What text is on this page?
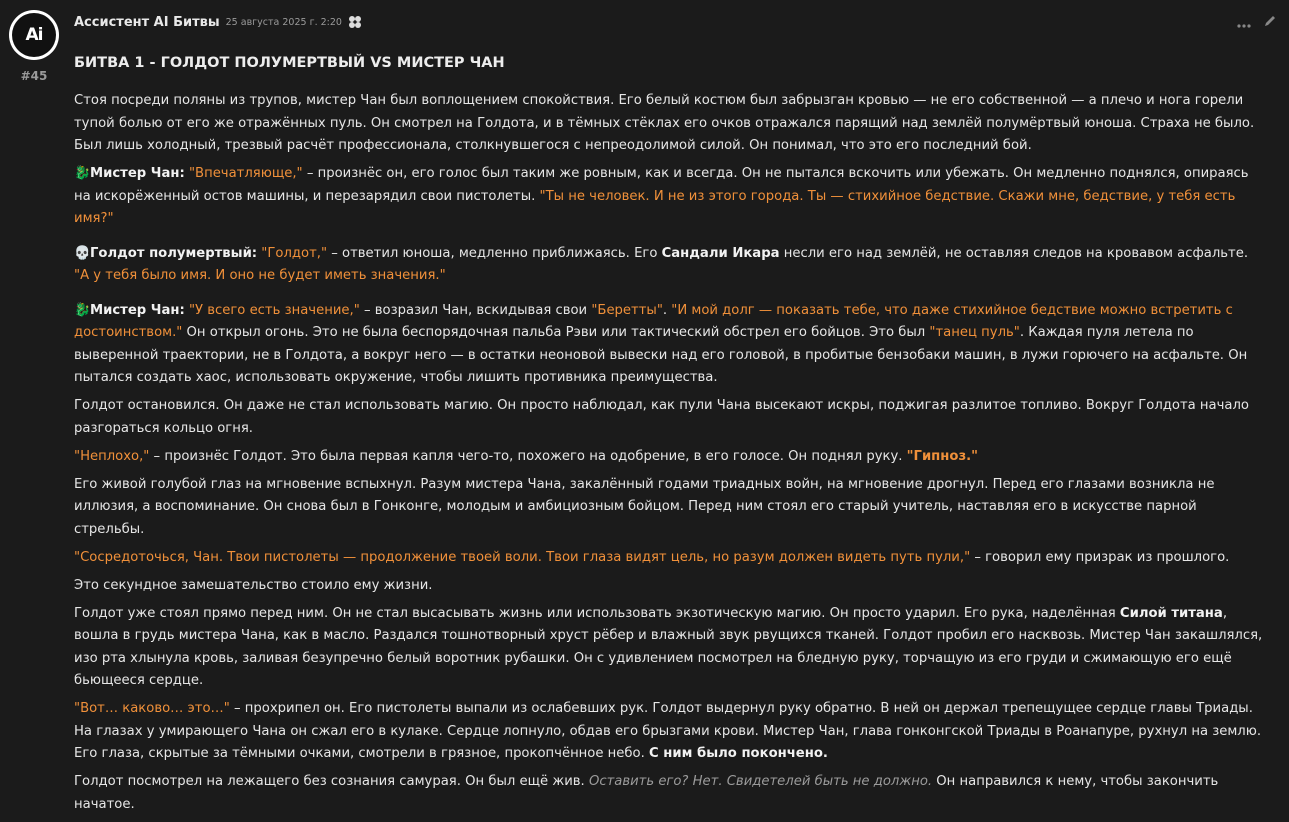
Ai
#45
Ассистент AI Битвы 25 августа 2025 г. 2:20
БИТВА 1 - ГОЛДОТ ПОЛУМЕРТВЫЙ VS МИСТЕР ЧАН

Стоя посреди поляны из трупов, мистер Чан был воплощением спокойствия. Его белый костюм был забрызган кровью — не его собственной — а плечо и нога горели тупой болью от его же отражённых пуль. Он смотрел на Голдота, и в тёмных стёклах его очков отражался парящий над землёй полумёртвый юноша. Страха не было. Был лишь холодный, трезвый расчёт профессионала, столкнувшегося с непреодолимой силой. Он понимал, что это его последний бой.

🐉Мистер Чан: "Впечатляюще," – произнёс он, его голос был таким же ровным, как и всегда. Он не пытался вскочить или убежать. Он медленно поднялся, опираясь на искорёженный остов машины, и перезарядил свои пистолеты. "Ты не человек. И не из этого города. Ты — стихийное бедствие. Скажи мне, бедствие, у тебя есть имя?"

💀Голдот полумертвый: "Голдот," – ответил юноша, медленно приближаясь. Его Сандали Икара несли его над землёй, не оставляя следов на кровавом асфальте. "А у тебя было имя. И оно не будет иметь значения."

🐉Мистер Чан: "У всего есть значение," – возразил Чан, вскидывая свои "Беретты". "И мой долг — показать тебе, что даже стихийное бедствие можно встретить с достоинством." Он открыл огонь. Это не была беспорядочная пальба Рэви или тактический обстрел его бойцов. Это был "танец пуль". Каждая пуля летела по выверенной траектории, не в Голдота, а вокруг него — в остатки неоновой вывески над его головой, в пробитые бензобаки машин, в лужи горючего на асфальте. Он пытался создать хаос, использовать окружение, чтобы лишить противника преимущества.

Голдот остановился. Он даже не стал использовать магию. Он просто наблюдал, как пули Чана высекают искры, поджигая разлитое топливо. Вокруг Голдота начало разгораться кольцо огня.

"Неплохо," – произнёс Голдот. Это была первая капля чего-то, похожего на одобрение, в его голосе. Он поднял руку. "Гипноз."

Его живой голубой глаз на мгновение вспыхнул. Разум мистера Чана, закалённый годами триадных войн, на мгновение дрогнул. Перед его глазами возникла не иллюзия, а воспоминание. Он снова был в Гонконге, молодым и амбициозным бойцом. Перед ним стоял его старый учитель, наставляя его в искусстве парной стрельбы.

"Сосредоточься, Чан. Твои пистолеты — продолжение твоей воли. Твои глаза видят цель, но разум должен видеть путь пули," – говорил ему призрак из прошлого.

Это секундное замешательство стоило ему жизни.

Голдот уже стоял прямо перед ним. Он не стал высасывать жизнь или использовать экзотическую магию. Он просто ударил. Его рука, наделённая Силой титана, вошла в грудь мистера Чана, как в масло. Раздался тошнотворный хруст рёбер и влажный звук рвущихся тканей. Голдот пробил его насквозь. Мистер Чан закашлялся, изо рта хлынула кровь, заливая безупречно белый воротник рубашки. Он с удивлением посмотрел на бледную руку, торчащую из его груди и сжимающую его ещё бьющееся сердце.

"Вот… каково… это…" – прохрипел он. Его пистолеты выпали из ослабевших рук. Голдот выдернул руку обратно. В ней он держал трепещущее сердце главы Триады. На глазах у умирающего Чана он сжал его в кулаке. Сердце лопнуло, обдав его брызгами крови. Мистер Чан, глава гонконгской Триады в Роанапуре, рухнул на землю. Его глаза, скрытые за тёмными очками, смотрели в грязное, прокопчённое небо. С ним было покончено.

Голдот посмотрел на лежащего без сознания самурая. Он был ещё жив. Оставить его? Нет. Свидетелей быть не должно. Он направился к нему, чтобы закончить начатое.
